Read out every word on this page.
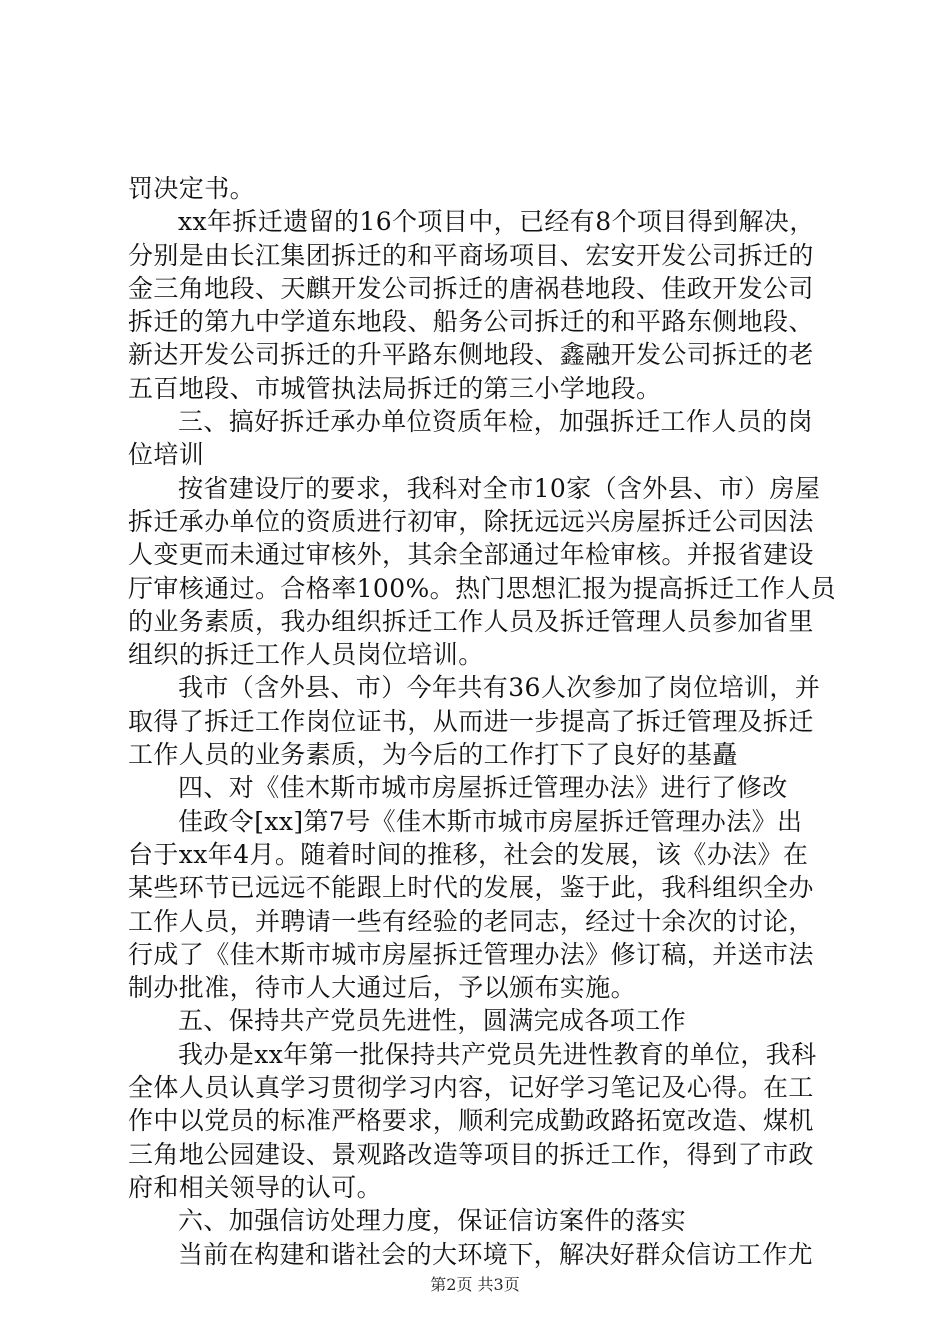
罚决定书。
xx年拆迁遗留的16个项目中，已经有8个项目得到解决，
分别是由长江集团拆迁的和平商场项目、宏安开发公司拆迁的
金三角地段、天麒开发公司拆迁的唐祸巷地段、佳政开发公司
拆迁的第九中学道东地段、船务公司拆迁的和平路东侧地段、
新达开发公司拆迁的升平路东侧地段、鑫融开发公司拆迁的老
五百地段、市城管执法局拆迁的第三小学地段。
三、搞好拆迁承办单位资质年检，加强拆迁工作人员的岗
位培训
按省建设厅的要求，我科对全市10家（含外县、市）房屋
拆迁承办单位的资质进行初审，除抚远远兴房屋拆迁公司因法
人变更而未通过审核外，其余全部通过年检审核。并报省建设
厅审核通过。合格率100%。热门思想汇报为提高拆迁工作人员
的业务素质，我办组织拆迁工作人员及拆迁管理人员参加省里
组织的拆迁工作人员岗位培训。
我市（含外县、市）今年共有36人次参加了岗位培训，并
取得了拆迁工作岗位证书，从而进一步提高了拆迁管理及拆迁
工作人员的业务素质，为今后的工作打下了良好的基矗
四、对《佳木斯市城市房屋拆迁管理办法》进行了修改
佳政令[xx]第7号《佳木斯市城市房屋拆迁管理办法》出
台于xx年4月。随着时间的推移，社会的发展，该《办法》在
某些环节已远远不能跟上时代的发展，鉴于此，我科组织全办
工作人员，并聘请一些有经验的老同志，经过十余次的讨论，
行成了《佳木斯市城市房屋拆迁管理办法》修订稿，并送市法
制办批准，待市人大通过后，予以颁布实施。
五、保持共产党员先进性，圆满完成各项工作
我办是xx年第一批保持共产党员先进性教育的单位，我科
全体人员认真学习贯彻学习内容，记好学习笔记及心得。在工
作中以党员的标准严格要求，顺利完成勤政路拓宽改造、煤机
三角地公园建设、景观路改造等项目的拆迁工作，得到了市政
府和相关领导的认可。
六、加强信访处理力度，保证信访案件的落实
当前在构建和谐社会的大环境下，解决好群众信访工作尤
第2页 共3页
